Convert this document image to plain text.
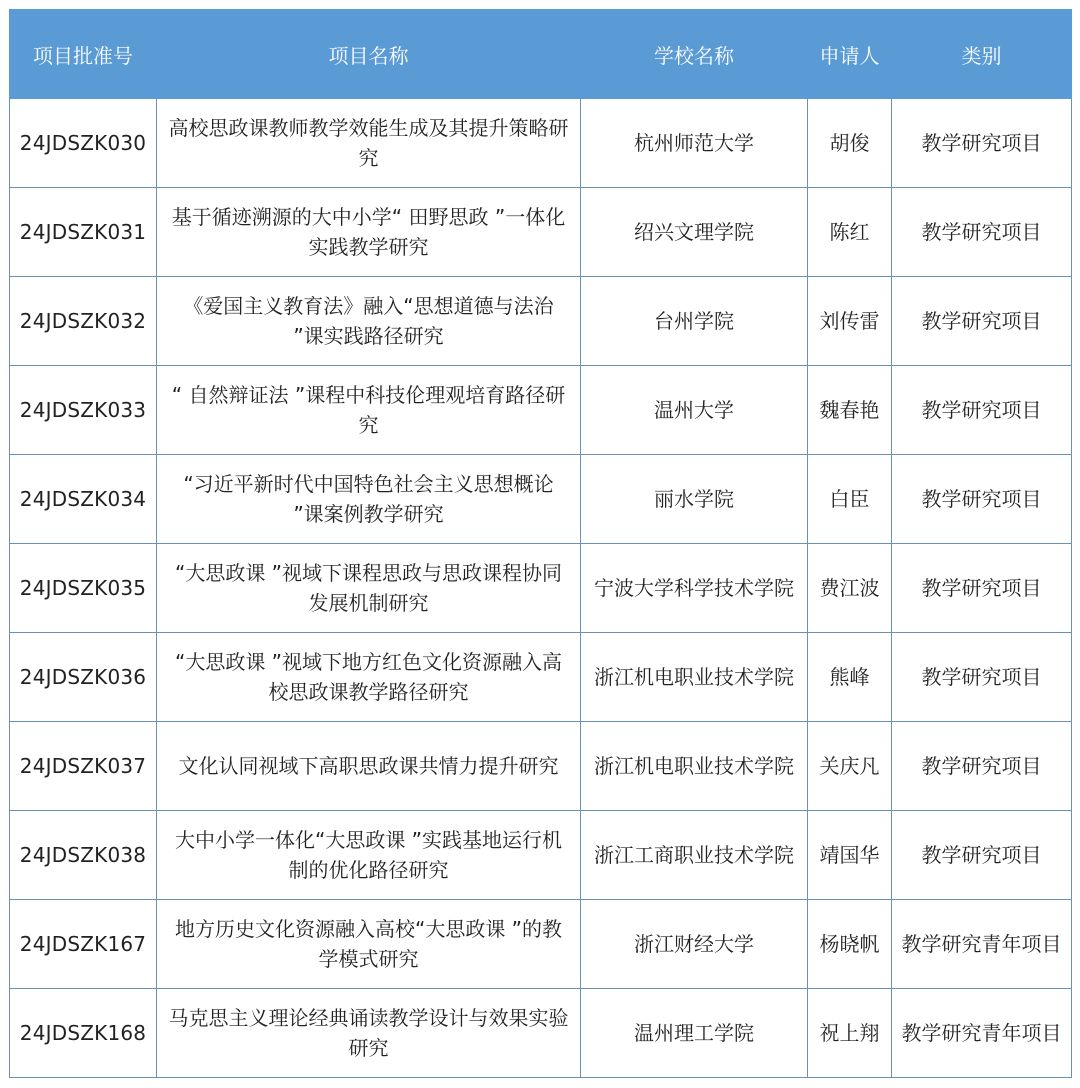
项目批准号	项目名称	学校名称	申请人	类别
24JDSZK030	高校思政课教师教学效能生成及其提升策略研究	杭州师范大学	胡俊	教学研究项目
24JDSZK031	基于循迹溯源的大中小学“ 田野思政 ”一体化实践教学研究	绍兴文理学院	陈红	教学研究项目
24JDSZK032	《爱国主义教育法》融入“思想道德与法治 ”课实践路径研究	台州学院	刘传雷	教学研究项目
24JDSZK033	“ 自然辩证法 ”课程中科技伦理观培育路径研究	温州大学	魏春艳	教学研究项目
24JDSZK034	“习近平新时代中国特色社会主义思想概论 ”课案例教学研究	丽水学院	白臣	教学研究项目
24JDSZK035	“大思政课 ”视域下课程思政与思政课程协同发展机制研究	宁波大学科学技术学院	费江波	教学研究项目
24JDSZK036	“大思政课 ”视域下地方红色文化资源融入高校思政课教学路径研究	浙江机电职业技术学院	熊峰	教学研究项目
24JDSZK037	文化认同视域下高职思政课共情力提升研究	浙江机电职业技术学院	关庆凡	教学研究项目
24JDSZK038	大中小学一体化“大思政课 ”实践基地运行机制的优化路径研究	浙江工商职业技术学院	靖国华	教学研究项目
24JDSZK167	地方历史文化资源融入高校“大思政课 ”的教学模式研究	浙江财经大学	杨晓帆	教学研究青年项目
24JDSZK168	马克思主义理论经典诵读教学设计与效果实验研究	温州理工学院	祝上翔	教学研究青年项目
